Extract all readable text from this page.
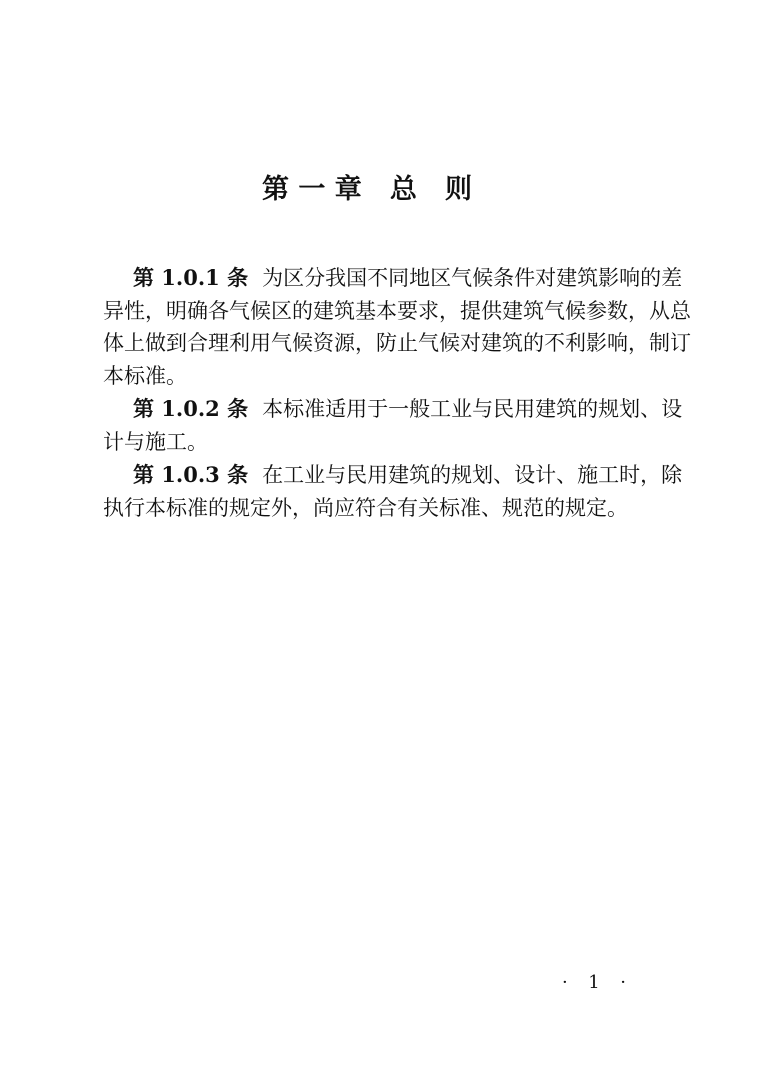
第一章 总 则
第 1.0.1 条 为区分我国不同地区气候条件对建筑影响的差
异性，明确各气候区的建筑基本要求，提供建筑气候参数，从总
体上做到合理利用气候资源，防止气候对建筑的不利影响，制订
本标准。
第 1.0.2 条 本标准适用于一般工业与民用建筑的规划、设
计与施工。
第 1.0.3 条 在工业与民用建筑的规划、设计、施工时，除
执行本标准的规定外，尚应符合有关标准、规范的规定。
· 1 ·
